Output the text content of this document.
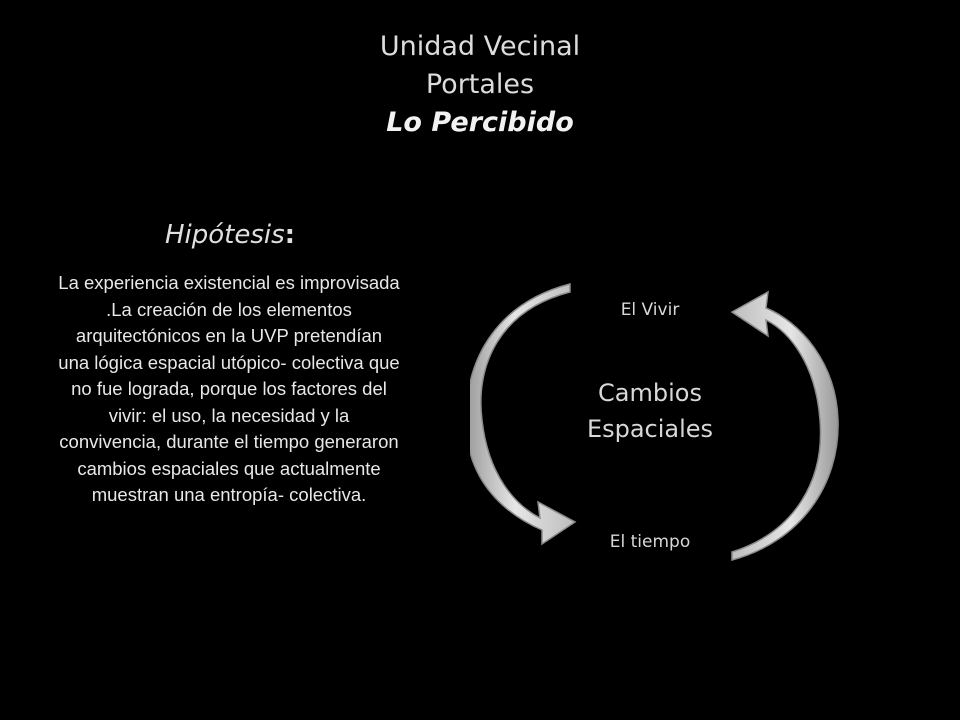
Unidad Vecinal
Portales
Lo Percibido
Hipótesis:
La experiencia existencial es improvisada .La creación de los elementos arquitectónicos en la UVP pretendían una lógica espacial utópico- colectiva que no fue lograda, porque los factores del vivir: el uso, la necesidad y la convivencia, durante el tiempo generaron cambios espaciales que actualmente muestran una entropía- colectiva.
El Vivir
Cambios
Espaciales
El tiempo
